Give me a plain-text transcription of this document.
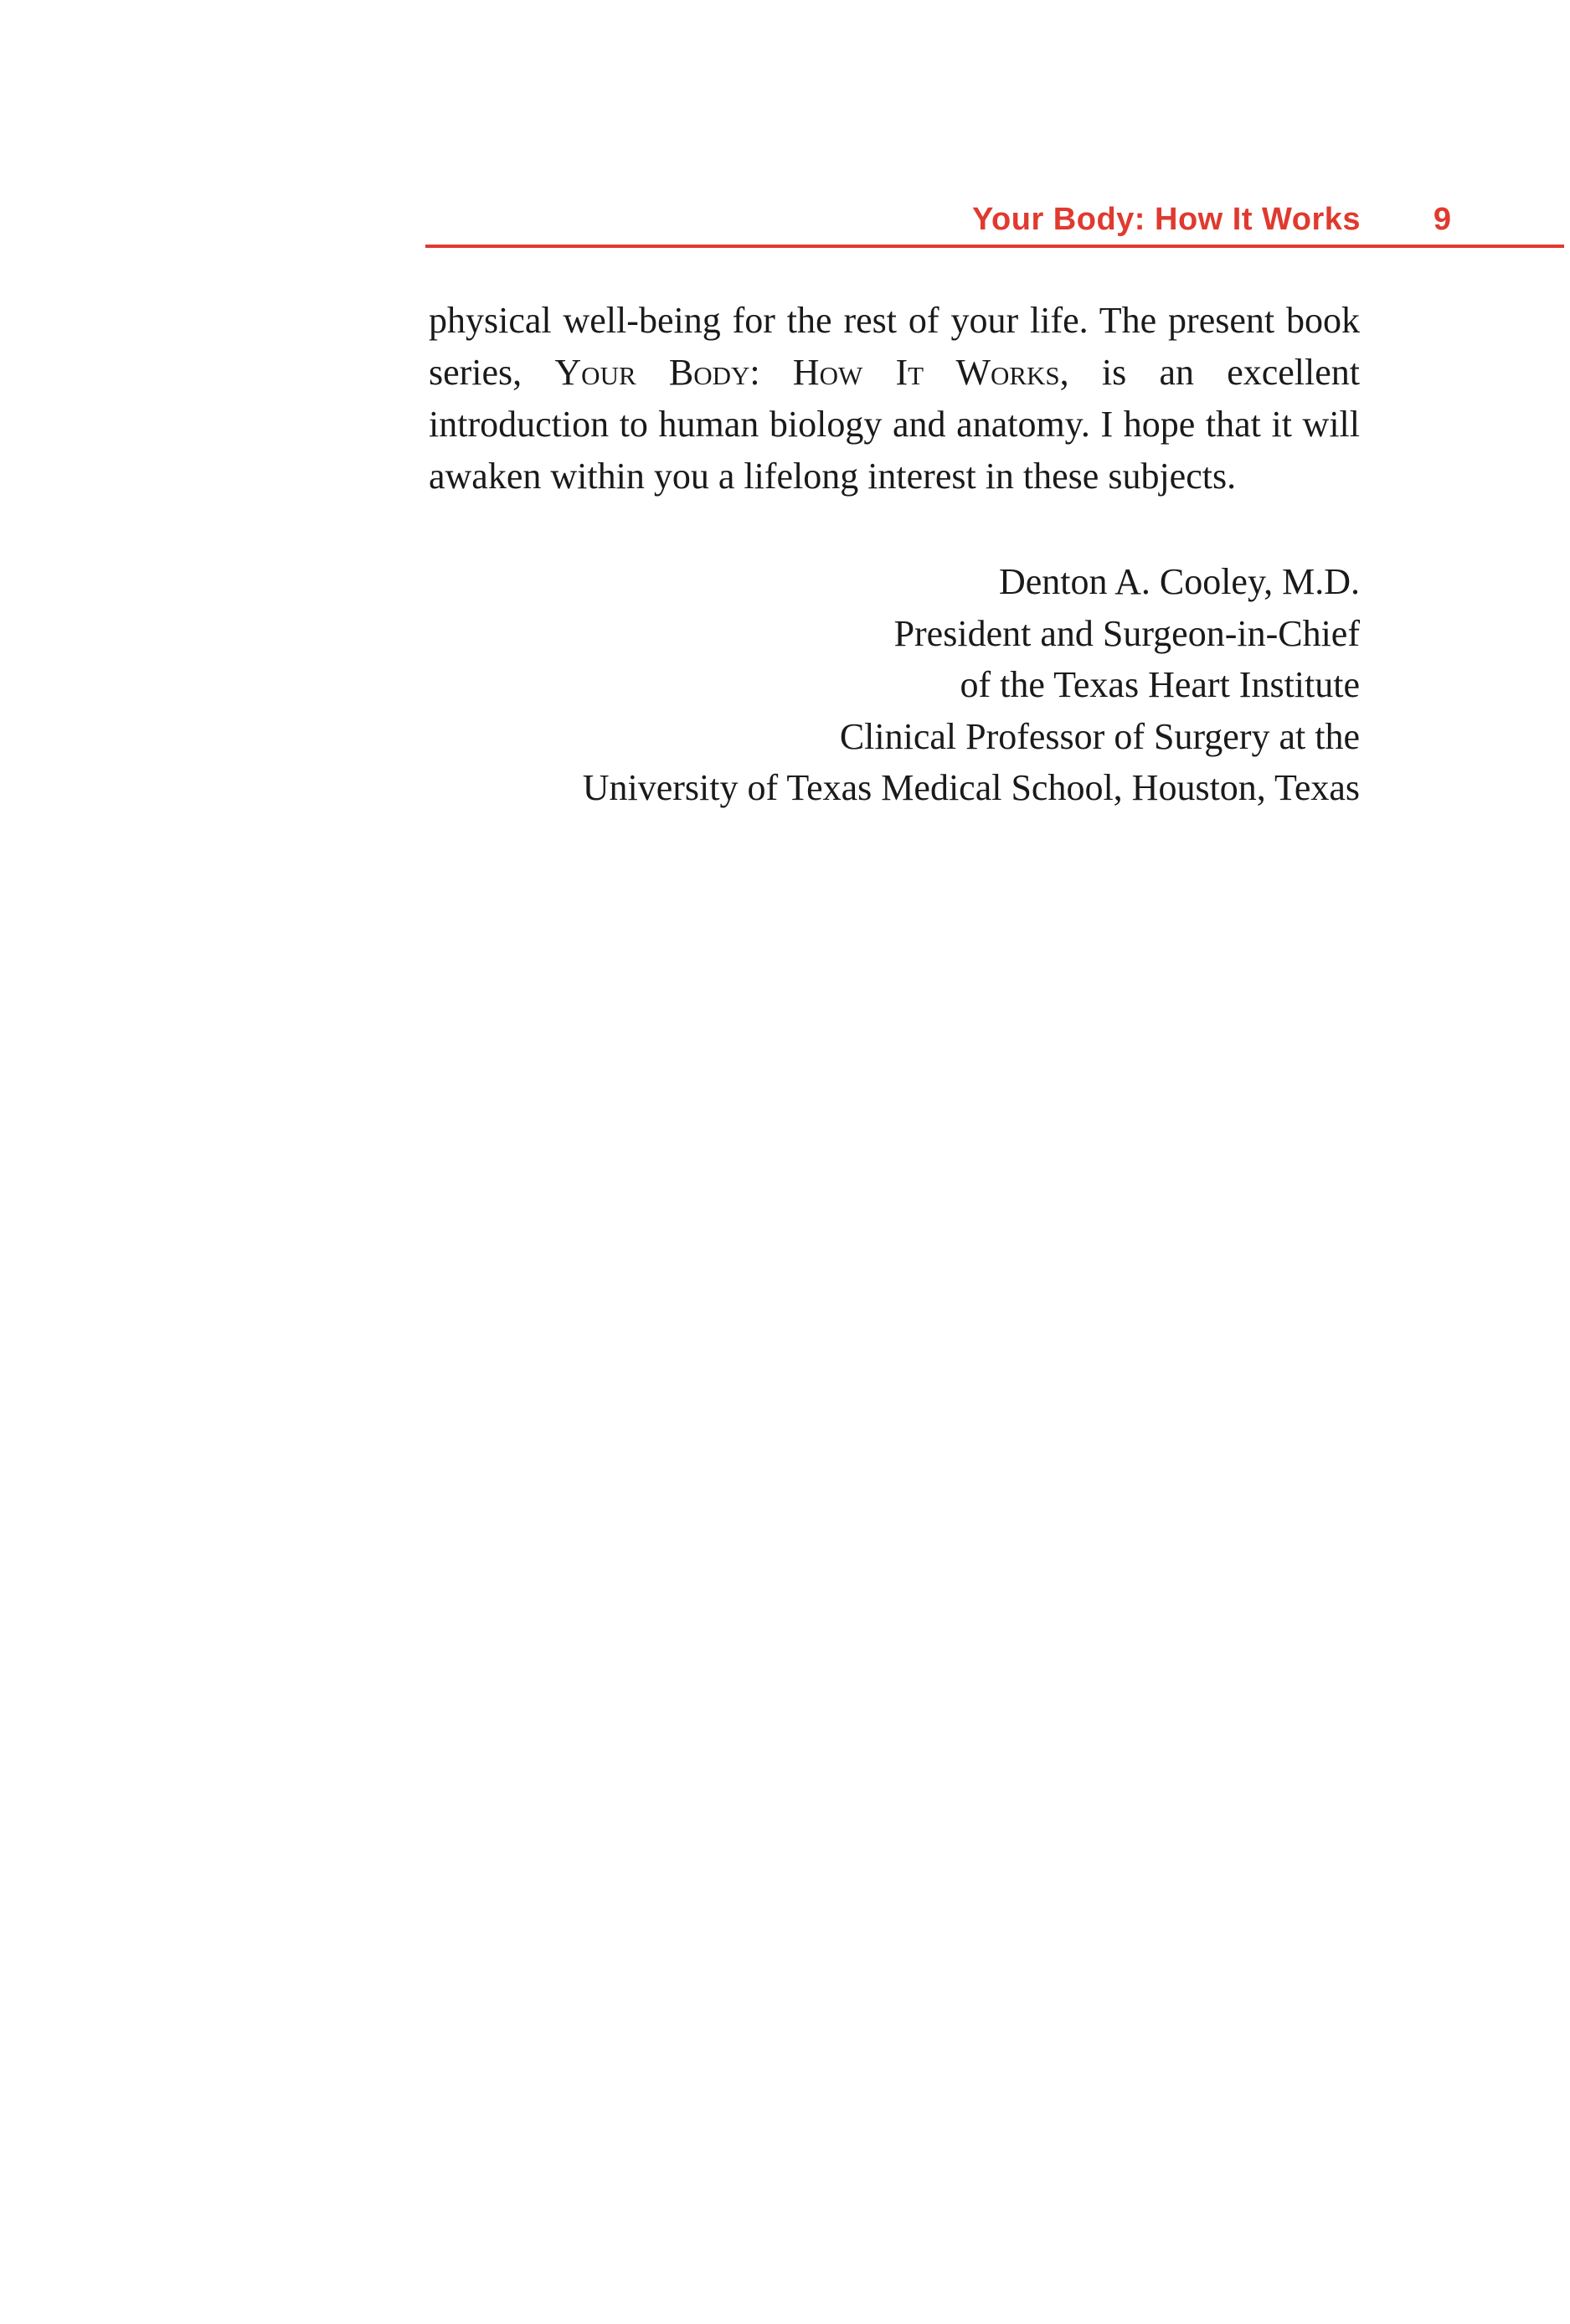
Your Body: How It Works 9

physical well-being for the rest of your life. The present book series, Your Body: How It Works, is an excellent introduction to human biology and anatomy. I hope that it will awaken within you a lifelong interest in these subjects.

Denton A. Cooley, M.D.
President and Surgeon-in-Chief
of the Texas Heart Institute
Clinical Professor of Surgery at the
University of Texas Medical School, Houston, Texas
